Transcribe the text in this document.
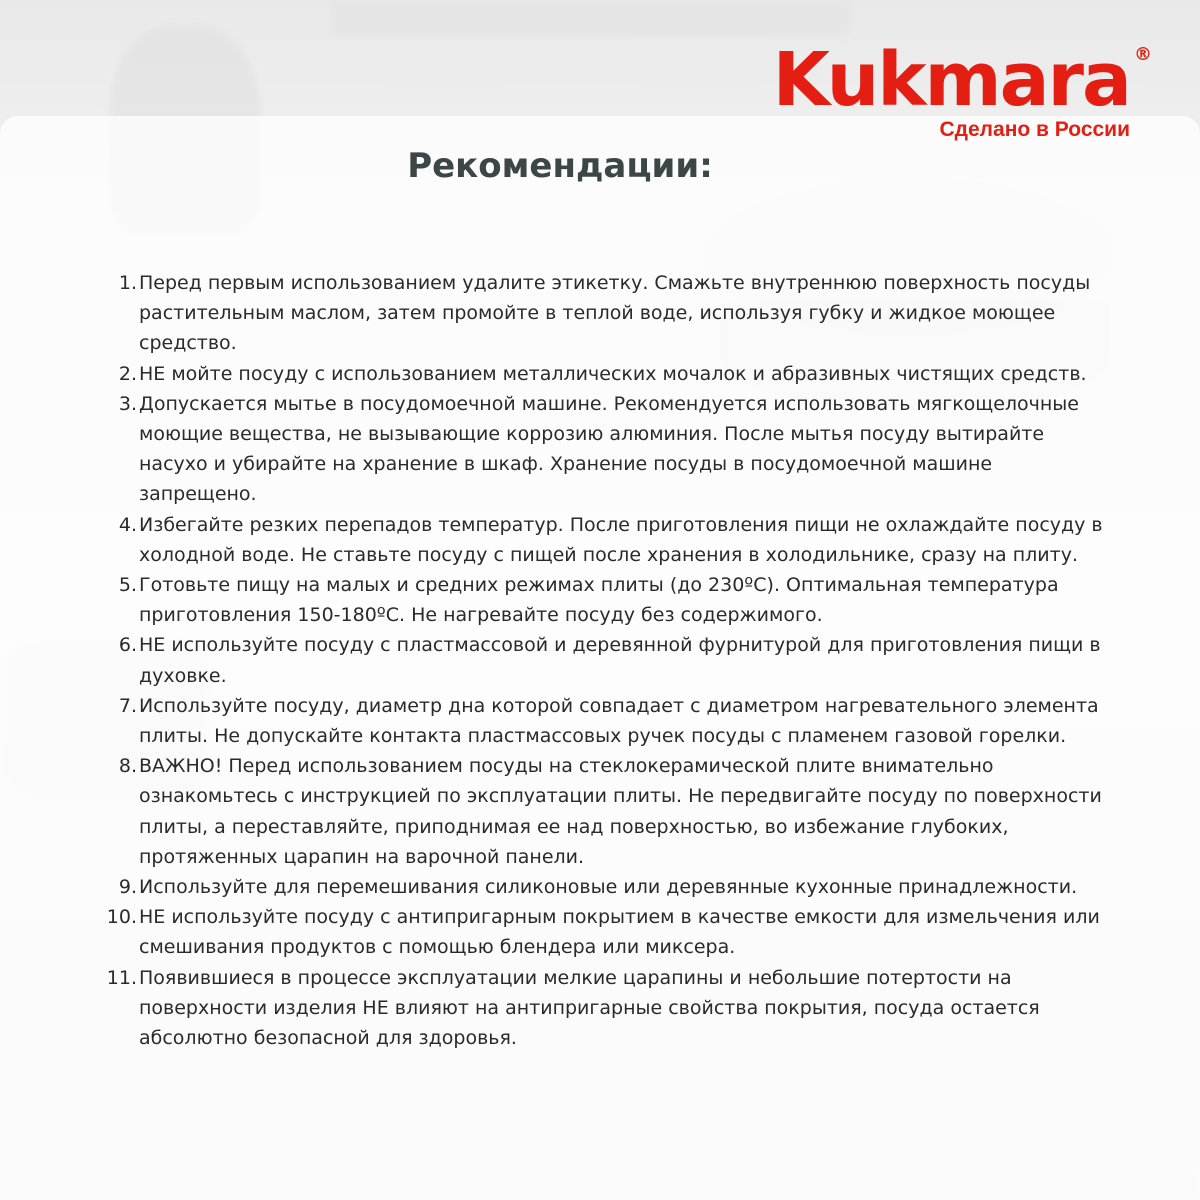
Kukmara ®
Сделано в России
Рекомендации:
1. Перед первым использованием удалите этикетку. Смажьте внутреннюю поверхность посуды растительным маслом, затем промойте в теплой воде, используя губку и жидкое моющее средство.
2. НЕ мойте посуду с использованием металлических мочалок и абразивных чистящих средств.
3. Допускается мытье в посудомоечной машине. Рекомендуется использовать мягкощелочные моющие вещества, не вызывающие коррозию алюминия. После мытья посуду вытирайте насухо и убирайте на хранение в шкаф. Хранение посуды в посудомоечной машине запрещено.
4. Избегайте резких перепадов температур. После приготовления пищи не охлаждайте посуду в холодной воде. Не ставьте посуду с пищей после хранения в холодильнике, сразу на плиту.
5. Готовьте пищу на малых и средних режимах плиты (до 230ºС). Оптимальная температура приготовления 150-180ºС. Не нагревайте посуду без содержимого.
6. НЕ используйте посуду с пластмассовой и деревянной фурнитурой для приготовления пищи в духовке.
7. Используйте посуду, диаметр дна которой совпадает с диаметром нагревательного элемента плиты. Не допускайте контакта пластмассовых ручек посуды с пламенем газовой горелки.
8. ВАЖНО! Перед использованием посуды на стеклокерамической плите внимательно ознакомьтесь с инструкцией по эксплуатации плиты. Не передвигайте посуду по поверхности плиты, а переставляйте, приподнимая ее над поверхностью, во избежание глубоких, протяженных царапин на варочной панели.
9. Используйте для перемешивания силиконовые или деревянные кухонные принадлежности.
10. НЕ используйте посуду с антипригарным покрытием в качестве емкости для измельчения или смешивания продуктов с помощью блендера или миксера.
11. Появившиеся в процессе эксплуатации мелкие царапины и небольшие потертости на поверхности изделия НЕ влияют на антипригарные свойства покрытия, посуда остается абсолютно безопасной для здоровья.
